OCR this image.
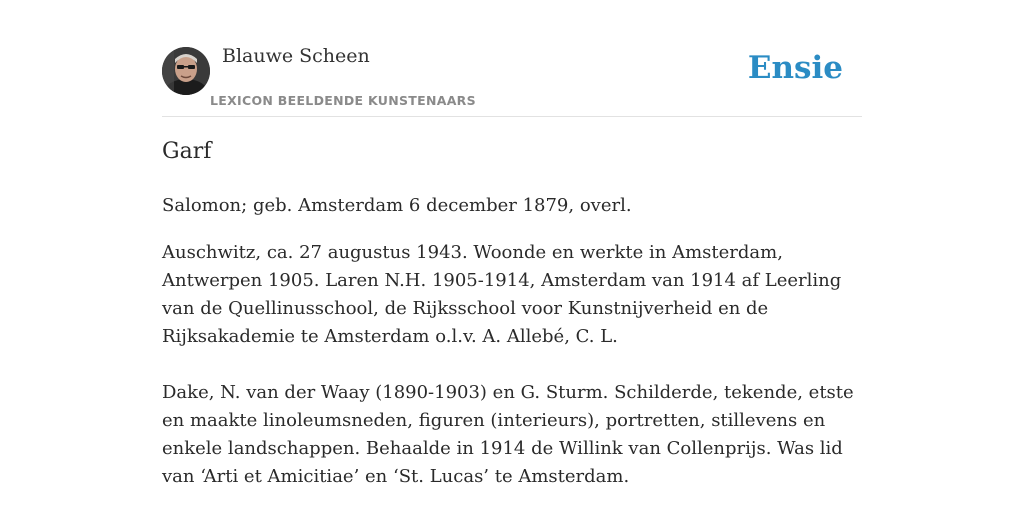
Blauwe Scheen
LEXICON BEELDENDE KUNSTENAARS
Ensie
Garf

Salomon; geb. Amsterdam 6 december 1879, overl.

Auschwitz, ca. 27 augustus 1943. Woonde en werkte in Amsterdam, Antwerpen 1905. Laren N.H. 1905-1914, Amsterdam van 1914 af Leerling van de Quellinusschool, de Rijksschool voor Kunstnijverheid en de Rijksakademie te Amsterdam o.l.v. A. Allebé, C. L.

Dake, N. van der Waay (1890-1903) en G. Sturm. Schilderde, tekende, etste en maakte linoleumsneden, figuren (interieurs), portretten, stillevens en enkele landschappen. Behaalde in 1914 de Willink van Collenprijs. Was lid van ‘Arti et Amicitiae’ en ‘St. Lucas’ te Amsterdam.
